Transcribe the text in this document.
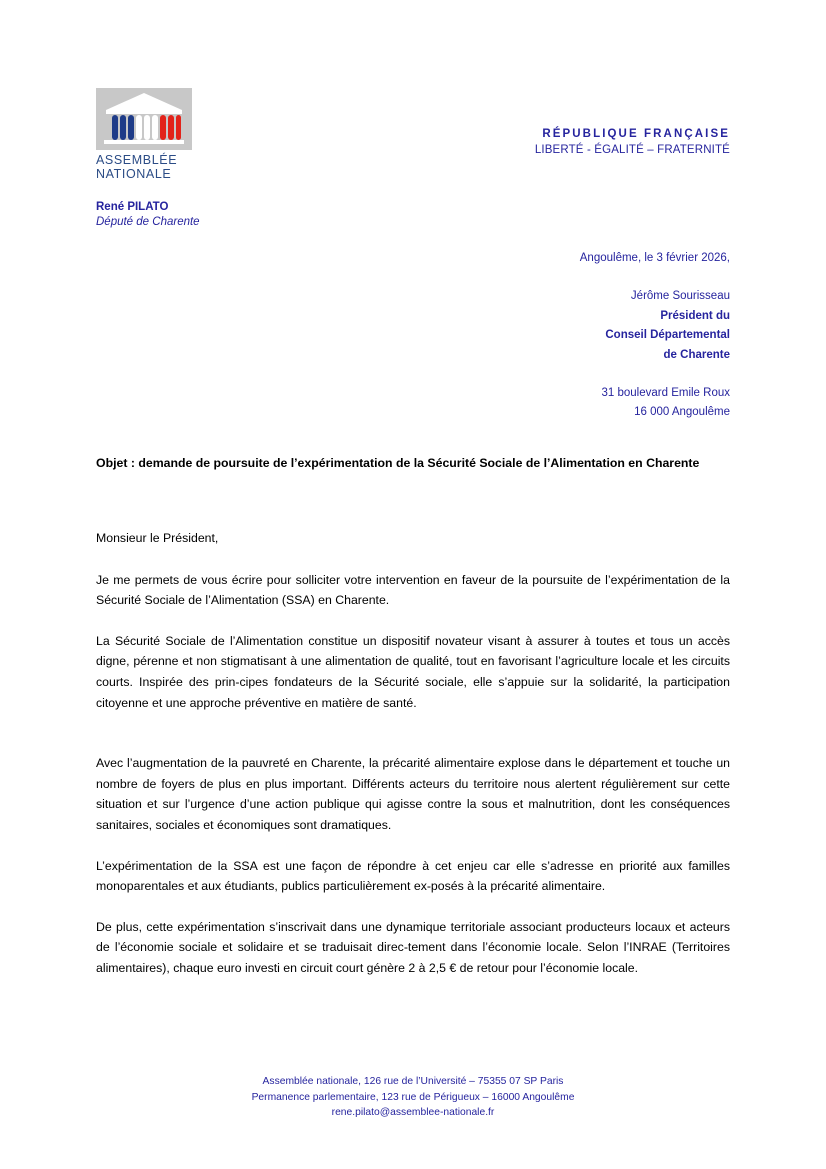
ASSEMBLÉE
NATIONALE
René PILATO
Député de Charente
RÉPUBLIQUE FRANÇAISE
LIBERTÉ - ÉGALITÉ – FRATERNITÉ
Angoulême, le 3 février 2026,
Jérôme Sourisseau
Président du
Conseil Départemental
de Charente
31 boulevard Emile Roux
16 000 Angoulême
Objet : demande de poursuite de l’expérimentation de la Sécurité Sociale de l’Alimentation en Charente

Monsieur le Président,

Je me permets de vous écrire pour solliciter votre intervention en faveur de la poursuite de l’expérimentation de la Sécurité Sociale de l’Alimentation (SSA) en Charente.

La Sécurité Sociale de l’Alimentation constitue un dispositif novateur visant à assurer à toutes et tous un accès digne, pérenne et non stigmatisant à une alimentation de qualité, tout en favorisant l’agriculture locale et les circuits courts. Inspirée des prin-cipes fondateurs de la Sécurité sociale, elle s’appuie sur la solidarité, la participation citoyenne et une approche préventive en matière de santé.

Avec l’augmentation de la pauvreté en Charente, la précarité alimentaire explose dans le département et touche un nombre de foyers de plus en plus important. Différents acteurs du territoire nous alertent régulièrement sur cette situation et sur l’urgence d’une action publique qui agisse contre la sous et malnutrition, dont les conséquences sanitaires, sociales et économiques sont dramatiques.

L’expérimentation de la SSA est une façon de répondre à cet enjeu car elle s’adresse en priorité aux familles monoparentales et aux étudiants, publics particulièrement ex-posés à la précarité alimentaire.

De plus, cette expérimentation s’inscrivait dans une dynamique territoriale associant producteurs locaux et acteurs de l’économie sociale et solidaire et se traduisait direc-tement dans l’économie locale. Selon l’INRAE (Territoires alimentaires), chaque euro investi en circuit court génère 2 à 2,5 € de retour pour l’économie locale.

Assemblée nationale, 126 rue de l’Université – 75355 07 SP Paris
Permanence parlementaire, 123 rue de Périgueux – 16000 Angoulême
rene.pilato@assemblee-nationale.fr
